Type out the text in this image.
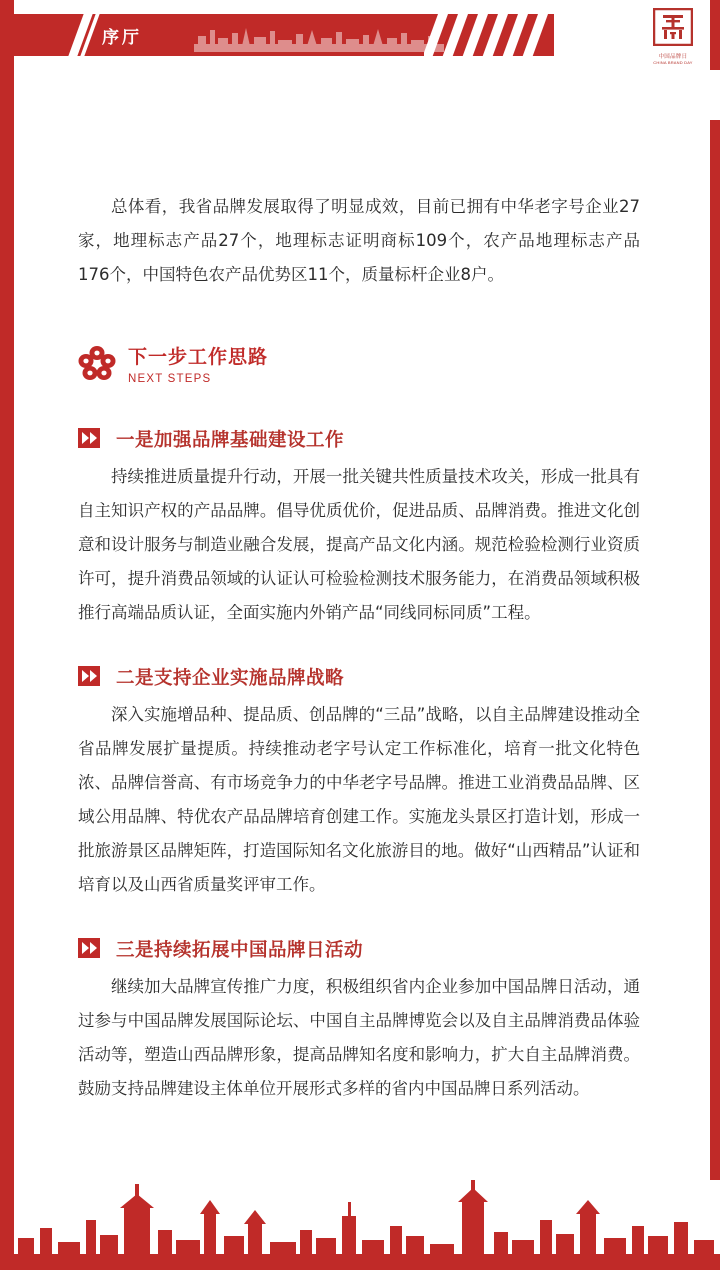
序厅
中国品牌日
CHINA BRAND DAY

总体看，我省品牌发展取得了明显成效，目前已拥有中华老字号企业27家，地理标志产品27个，地理标志证明商标109个，农产品地理标志产品176个，中国特色农产品优势区11个，质量标杆企业8户。

下一步工作思路
NEXT STEPS
一是加强品牌基础建设工作

持续推进质量提升行动，开展一批关键共性质量技术攻关，形成一批具有自主知识产权的产品品牌。倡导优质优价，促进品质、品牌消费。推进文化创意和设计服务与制造业融合发展，提高产品文化内涵。规范检验检测行业资质许可，提升消费品领域的认证认可检验检测技术服务能力，在消费品领域积极推行高端品质认证，全面实施内外销产品“同线同标同质”工程。

二是支持企业实施品牌战略

深入实施增品种、提品质、创品牌的“三品”战略，以自主品牌建设推动全省品牌发展扩量提质。持续推动老字号认定工作标准化，培育一批文化特色浓、品牌信誉高、有市场竞争力的中华老字号品牌。推进工业消费品品牌、区域公用品牌、特优农产品品牌培育创建工作。实施龙头景区打造计划，形成一批旅游景区品牌矩阵，打造国际知名文化旅游目的地。做好“山西精品”认证和培育以及山西省质量奖评审工作。

三是持续拓展中国品牌日活动

继续加大品牌宣传推广力度，积极组织省内企业参加中国品牌日活动，通过参与中国品牌发展国际论坛、中国自主品牌博览会以及自主品牌消费品体验活动等，塑造山西品牌形象，提高品牌知名度和影响力，扩大自主品牌消费。鼓励支持品牌建设主体单位开展形式多样的省内中国品牌日系列活动。
